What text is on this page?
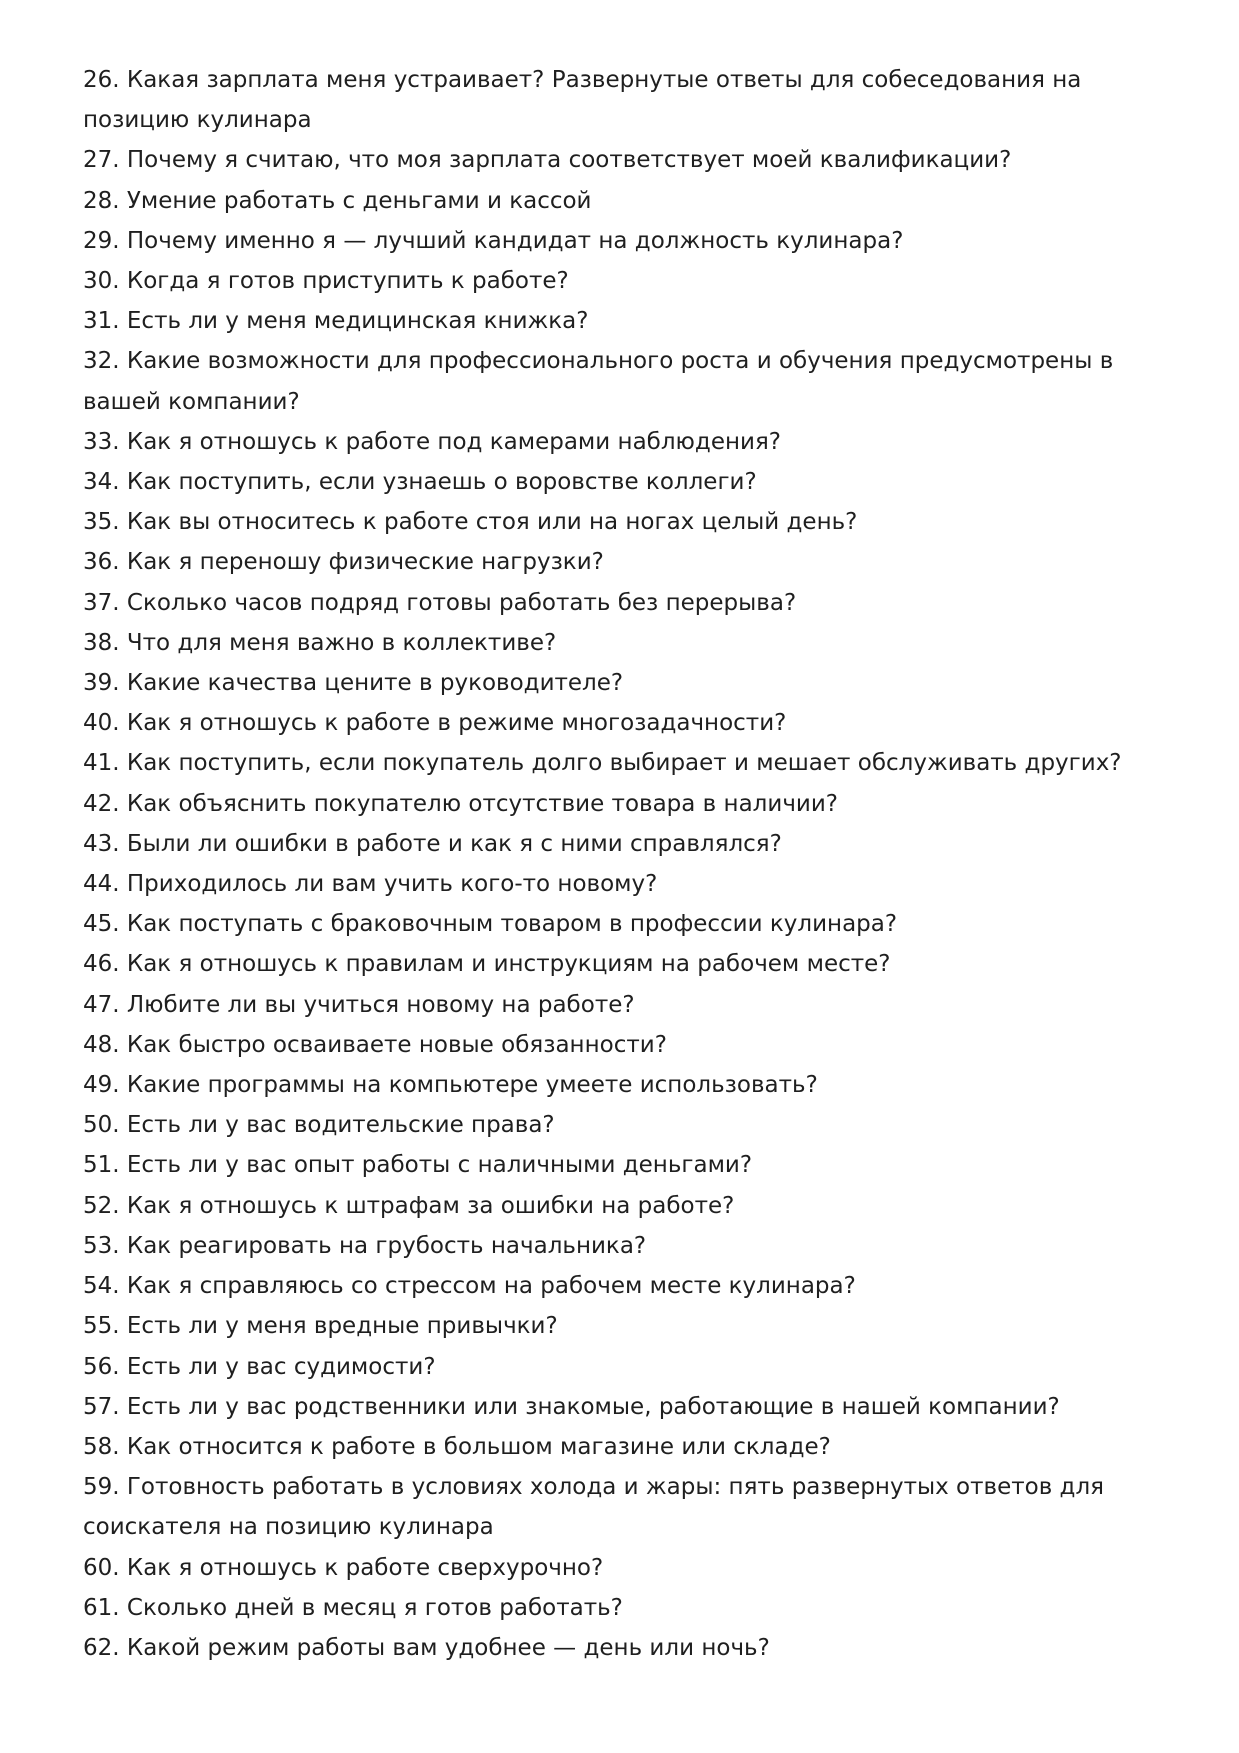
26. Какая зарплата меня устраивает? Развернутые ответы для собеседования на позицию кулинара
27. Почему я считаю, что моя зарплата соответствует моей квалификации?
28. Умение работать с деньгами и кассой
29. Почему именно я — лучший кандидат на должность кулинара?
30. Когда я готов приступить к работе?
31. Есть ли у меня медицинская книжка?
32. Какие возможности для профессионального роста и обучения предусмотрены в вашей компании?
33. Как я отношусь к работе под камерами наблюдения?
34. Как поступить, если узнаешь о воровстве коллеги?
35. Как вы относитесь к работе стоя или на ногах целый день?
36. Как я переношу физические нагрузки?
37. Сколько часов подряд готовы работать без перерыва?
38. Что для меня важно в коллективе?
39. Какие качества цените в руководителе?
40. Как я отношусь к работе в режиме многозадачности?
41. Как поступить, если покупатель долго выбирает и мешает обслуживать других?
42. Как объяснить покупателю отсутствие товара в наличии?
43. Были ли ошибки в работе и как я с ними справлялся?
44. Приходилось ли вам учить кого-то новому?
45. Как поступать с браковочным товаром в профессии кулинара?
46. Как я отношусь к правилам и инструкциям на рабочем месте?
47. Любите ли вы учиться новому на работе?
48. Как быстро осваиваете новые обязанности?
49. Какие программы на компьютере умеете использовать?
50. Есть ли у вас водительские права?
51. Есть ли у вас опыт работы с наличными деньгами?
52. Как я отношусь к штрафам за ошибки на работе?
53. Как реагировать на грубость начальника?
54. Как я справляюсь со стрессом на рабочем месте кулинара?
55. Есть ли у меня вредные привычки?
56. Есть ли у вас судимости?
57. Есть ли у вас родственники или знакомые, работающие в нашей компании?
58. Как относится к работе в большом магазине или складе?
59. Готовность работать в условиях холода и жары: пять развернутых ответов для соискателя на позицию кулинара
60. Как я отношусь к работе сверхурочно?
61. Сколько дней в месяц я готов работать?
62. Какой режим работы вам удобнее — день или ночь?
